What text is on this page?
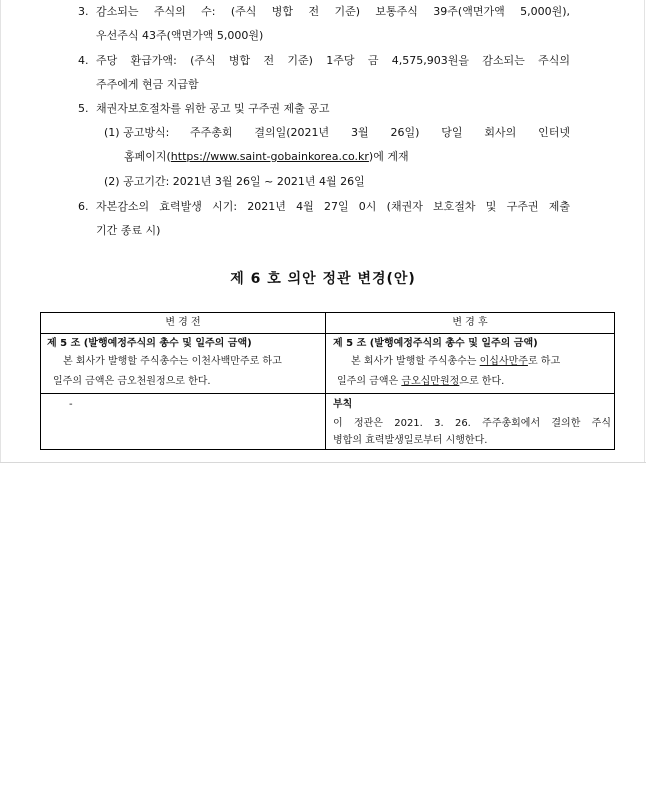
3. 감소되는 주식의 수: (주식 병합 전 기준) 보통주식 39주(액면가액 5,000원),
우선주식 43주(액면가액 5,000원)
4. 주당 환급가액: (주식 병합 전 기준) 1주당 금 4,575,903원을 감소되는 주식의
주주에게 현금 지급함
5. 채권자보호절차를 위한 공고 및 구주권 제출 공고
(1) 공고방식: 주주총회 결의일(2021년 3월 26일) 당일 회사의 인터넷
홈페이지(https://www.saint-gobainkorea.co.kr)에 게재
(2) 공고기간: 2021년 3월 26일 ~ 2021년 4월 26일
6. 자본감소의 효력발생 시기: 2021년 4월 27일 0시 (채권자 보호절차 및 구주권 제출
기간 종료 시)
제 6 호 의안 정관 변경(안)
변 경 전	변 경 후
제 5 조 (발행예정주식의 총수 및 일주의 금액)
본 회사가 발행할 주식총수는 이천사백만주로 하고
일주의 금액은 금오천원정으로 한다.
-
제 5 조 (발행예정주식의 총수 및 일주의 금액)
본 회사가 발행할 주식총수는 이십사만주로 하고
일주의 금액은 금오십만원정으로 한다.
부칙
이 정관은 2021. 3. 26. 주주총회에서 결의한 주식
병합의 효력발생일로부터 시행한다.
